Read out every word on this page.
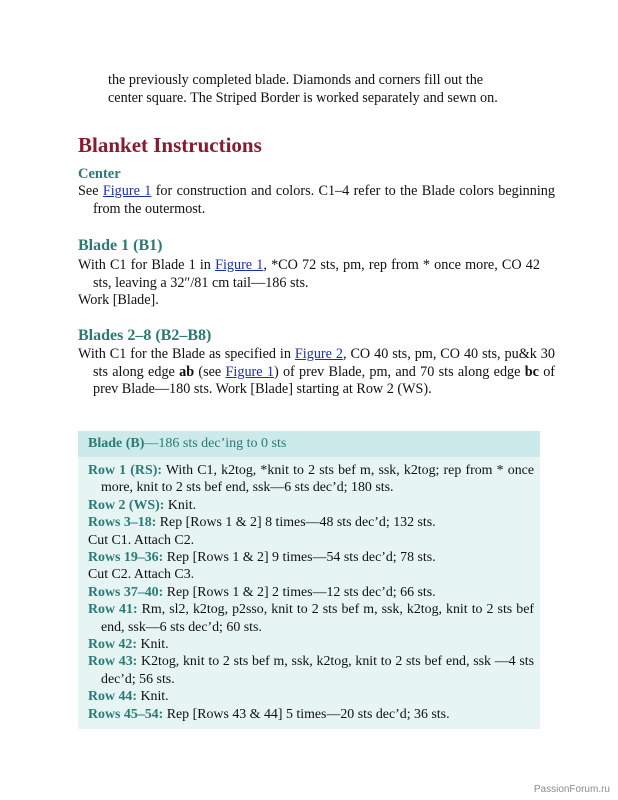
the previously completed blade. Diamonds and corners fill out the
center square. The Striped Border is worked separately and sewn on.
Blanket Instructions
Center
See Figure 1 for construction and colors. C1–4 refer to the Blade colors beginning from the outermost.
Blade 1 (B1)
With C1 for Blade 1 in Figure 1, *CO 72 sts, pm, rep from * once more, CO 42 sts, leaving a 32″/81 cm tail—186 sts.
Work [Blade].
Blades 2–8 (B2–B8)
With C1 for the Blade as specified in Figure 2, CO 40 sts, pm, CO 40 sts, pu&k 30 sts along edge ab (see Figure 1) of prev Blade, pm, and 70 sts along edge bc of prev Blade—180 sts. Work [Blade] starting at Row 2 (WS).
Blade (B)—186 sts dec’ing to 0 sts
Row 1 (RS): With C1, k2tog, *knit to 2 sts bef m, ssk, k2tog; rep from * once more, knit to 2 sts bef end, ssk—6 sts dec’d; 180 sts.
Row 2 (WS): Knit.
Rows 3–18: Rep [Rows 1 & 2] 8 times—48 sts dec’d; 132 sts.
Cut C1. Attach C2.
Rows 19–36: Rep [Rows 1 & 2] 9 times—54 sts dec’d; 78 sts.
Cut C2. Attach C3.
Rows 37–40: Rep [Rows 1 & 2] 2 times—12 sts dec’d; 66 sts.
Row 41: Rm, sl2, k2tog, p2sso, knit to 2 sts bef m, ssk, k2tog, knit to 2 sts bef end, ssk—6 sts dec’d; 60 sts.
Row 42: Knit.
Row 43: K2tog, knit to 2 sts bef m, ssk, k2tog, knit to 2 sts bef end, ssk —4 sts dec’d; 56 sts.
Row 44: Knit.
Rows 45–54: Rep [Rows 43 & 44] 5 times—20 sts dec’d; 36 sts.
PassionForum.ru
